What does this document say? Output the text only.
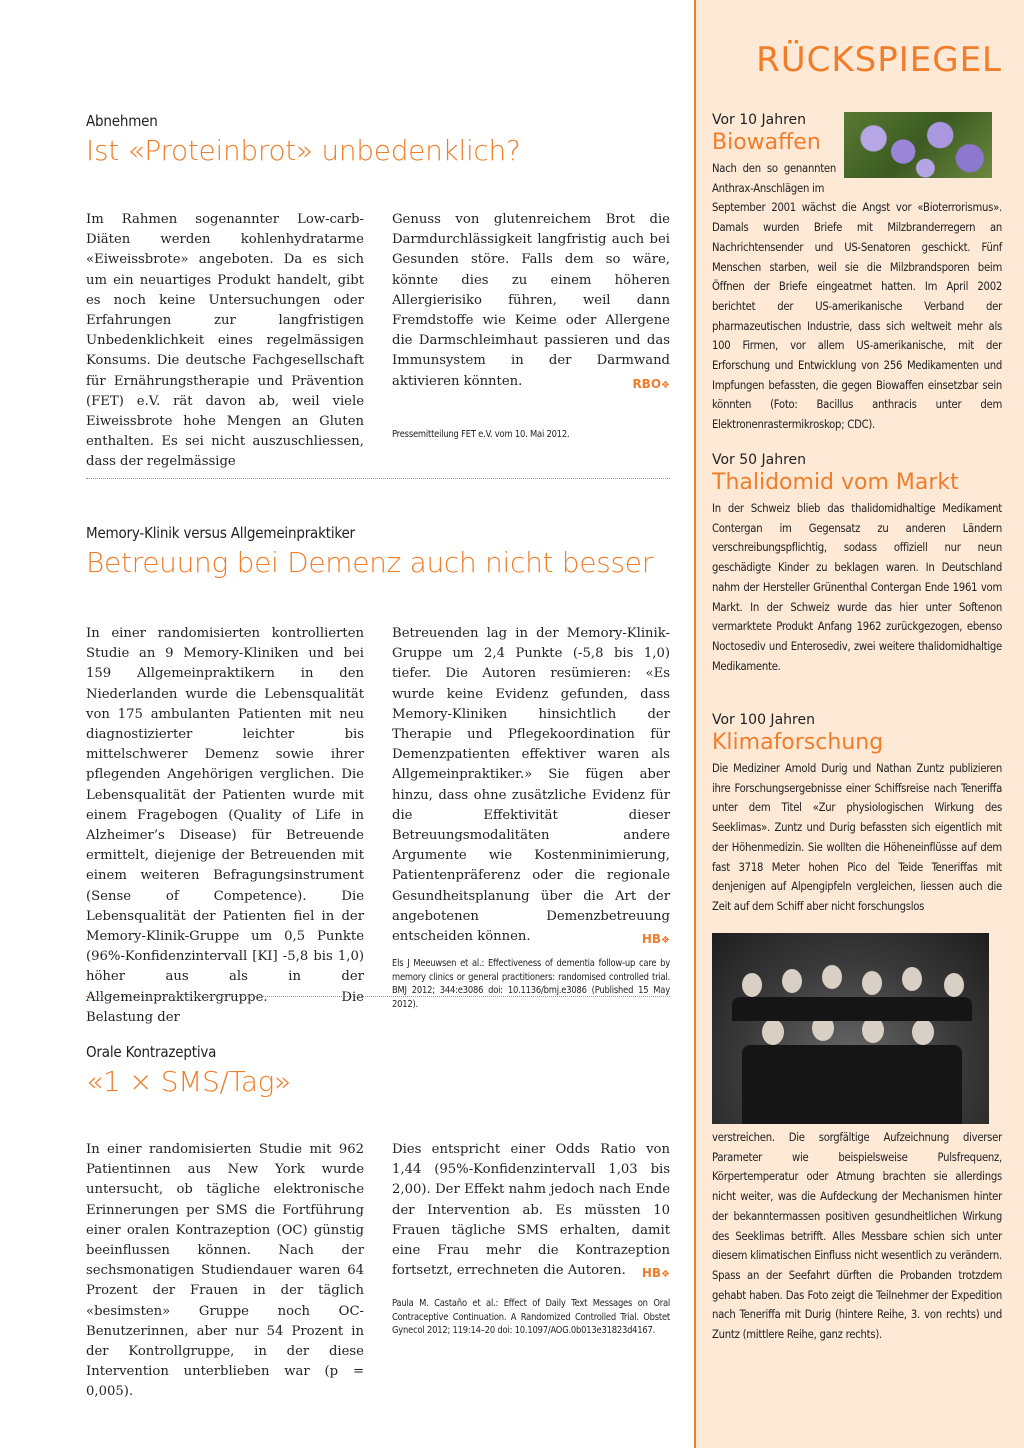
Abnehmen
Ist «Proteinbrot» unbedenklich?

Im Rahmen sogenannter Low-carb-Diäten werden kohlenhydratarme «Eiweissbrote» angeboten. Da es sich um ein neuartiges Produkt handelt, gibt es noch keine Untersuchungen oder Erfahrungen zur langfristigen Unbedenklichkeit eines regelmässigen Konsums. Die deutsche Fachgesellschaft für Ernährungstherapie und Prävention (FET) e.V. rät davon ab, weil viele Eiweissbrote hohe Mengen an Gluten enthalten. Es sei nicht auszuschliessen, dass der regelmässige

Genuss von glutenreichem Brot die Darmdurchlässigkeit langfristig auch bei Gesunden störe. Falls dem so wäre, könnte dies zu einem höheren Allergierisiko führen, weil dann Fremdstoffe wie Keime oder Allergene die Darmschleimhaut passieren und das Immunsystem in der Darmwand aktivieren könnten.	RBO❖

Pressemitteilung FET e.V. vom 10. Mai 2012.
Memory-Klinik versus Allgemeinpraktiker
Betreuung bei Demenz auch nicht besser

In einer randomisierten kontrollierten Studie an 9 Memory-Kliniken und bei 159 Allgemeinpraktikern in den Niederlanden wurde die Lebensqualität von 175 ambulanten Patienten mit neu diagnostizierter leichter bis mittelschwerer Demenz sowie ihrer pflegenden Angehörigen verglichen. Die Lebensqualität der Patienten wurde mit einem Fragebogen (Quality of Life in Alzheimer’s Disease) für Betreuende ermittelt, diejenige der Betreuenden mit einem weiteren Befragungsinstrument (Sense of Competence). Die Lebensqualität der Patienten fiel in der Memory-Klinik-Gruppe um 0,5 Punkte (96%-Konfidenzintervall [KI] -5,8 bis 1,0) höher aus als in der Allgemeinpraktikergruppe. Die Belastung der

Betreuenden lag in der Memory-Klinik-Gruppe um 2,4 Punkte (-5,8 bis 1,0) tiefer. Die Autoren resümieren: «Es wurde keine Evidenz gefunden, dass Memory-Kliniken hinsichtlich der Therapie und Pflegekoordination für Demenzpatienten effektiver waren als Allgemeinpraktiker.» Sie fügen aber hinzu, dass ohne zusätzliche Evidenz für die Effektivität dieser Betreuungsmodalitäten andere Argumente wie Kostenminimierung, Patientenpräferenz oder die regionale Gesundheitsplanung über die Art der angebotenen Demenzbetreuung entscheiden können.	HB❖

Els J Meeuwsen et al.: Effectiveness of dementia follow-up care by memory clinics or general practitioners: randomised controlled trial. BMJ 2012; 344:e3086 doi: 10.1136/bmj.e3086 (Published 15 May 2012).
Orale Kontrazeptiva
«1 × SMS/Tag»

In einer randomisierten Studie mit 962 Patientinnen aus New York wurde untersucht, ob tägliche elektronische Erinnerungen per SMS die Fortführung einer oralen Kontrazeption (OC) günstig beeinflussen können. Nach der sechsmonatigen Studiendauer waren 64 Prozent der Frauen in der täglich «besimsten» Gruppe noch OC-Benutzerinnen, aber nur 54 Prozent in der Kontrollgruppe, in der diese Intervention unterblieben war (p = 0,005).

Dies entspricht einer Odds Ratio von 1,44 (95%-Konfidenzintervall 1,03 bis 2,00). Der Effekt nahm jedoch nach Ende der Intervention ab. Es müssten 10 Frauen tägliche SMS erhalten, damit eine Frau mehr die Kontrazeption fortsetzt, errechneten die Autoren. HB❖

Paula M. Castaño et al.: Effect of Daily Text Messages on Oral Contraceptive Continuation. A Randomized Controlled Trial. Obstet Gynecol 2012; 119:14–20 doi: 10.1097/AOG.0b013e31823d4167.
RÜCKSPIEGEL
Vor 10 Jahren
Biowaffen
Nach den so genannten Anthrax-Anschlägen im
September 2001 wächst die Angst vor «Bioterrorismus». Damals wurden Briefe mit Milzbranderregern an Nachrichtensender und US-Senatoren geschickt. Fünf Menschen starben, weil sie die Milzbrandsporen beim Öffnen der Briefe eingeatmet hatten. Im April 2002 berichtet der US-amerikanische Verband der pharmazeutischen Industrie, dass sich weltweit mehr als 100 Firmen, vor allem US-amerikanische, mit der Erforschung und Entwicklung von 256 Medikamenten und Impfungen befassten, die gegen Biowaffen einsetzbar sein könnten (Foto: Bacillus anthracis unter dem Elektronenrastermikroskop; CDC).
Vor 50 Jahren
Thalidomid vom Markt
In der Schweiz blieb das thalidomidhaltige Medikament Contergan im Gegensatz zu anderen Ländern verschreibungspflichtig, sodass offiziell nur neun geschädigte Kinder zu beklagen waren. In Deutschland nahm der Hersteller Grünenthal Contergan Ende 1961 vom Markt. In der Schweiz wurde das hier unter Softenon vermarktete Produkt Anfang 1962 zurückgezogen, ebenso Noctosediv und Enterosediv, zwei weitere thalidomidhaltige Medikamente.
Vor 100 Jahren
Klimaforschung
Die Mediziner Arnold Durig und Nathan Zuntz publizieren ihre Forschungsergebnisse einer Schiffsreise nach Teneriffa unter dem Titel «Zur physiologischen Wirkung des Seeklimas». Zuntz und Durig befassten sich eigentlich mit der Höhenmedizin. Sie wollten die Höheneinflüsse auf dem fast 3718 Meter hohen Pico del Teide Teneriffas mit denjenigen auf Alpengipfeln vergleichen, liessen auch die Zeit auf dem Schiff aber nicht forschungslos
verstreichen. Die sorgfältige Aufzeichnung diverser Parameter wie beispielsweise Pulsfrequenz, Körpertemperatur oder Atmung brachten sie allerdings nicht weiter, was die Aufdeckung der Mechanismen hinter der bekanntermassen positiven gesundheitlichen Wirkung des Seeklimas betrifft. Alles Messbare schien sich unter diesem klimatischen Einfluss nicht wesentlich zu verändern. Spass an der Seefahrt dürften die Probanden trotzdem gehabt haben. Das Foto zeigt die Teilnehmer der Expedition nach Teneriffa mit Durig (hintere Reihe, 3. von rechts) und Zuntz (mittlere Reihe, ganz rechts).
